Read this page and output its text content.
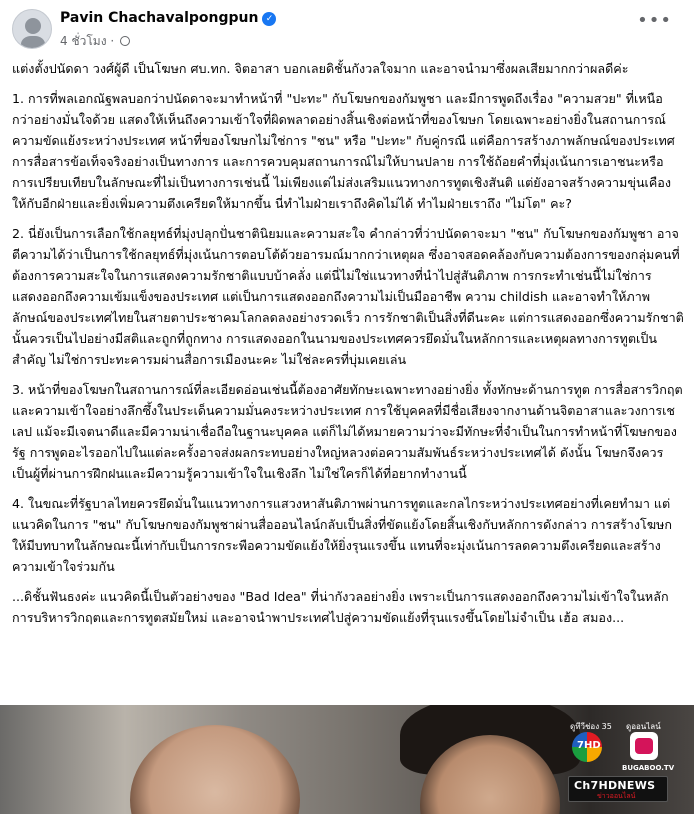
Pavin Chachavalpongpun ✓
4 ชั่วโมง ·
•••

แต่งตั้งปนัดดา วงศ์ผู้ดี เป็นโฆษก ศบ.ทก. จิตอาสา บอกเลยดิชั้นกังวลใจมาก และอาจนำมาซึ่งผลเสียมากกว่าผลดีค่ะ

1. การที่พลเอกณัฐพลบอกว่าปนัดดาจะมาทำหน้าที่ "ปะทะ" กับโฆษกของกัมพูชา และมีการพูดถึงเรื่อง "ความสวย" ที่เหนือกว่าอย่างมั่นใจด้วย แสดงให้เห็นถึงความเข้าใจที่ผิดพลาดอย่างสิ้นเชิงต่อหน้าที่ของโฆษก โดยเฉพาะอย่างยิ่งในสถานการณ์ความขัดแย้งระหว่างประเทศ หน้าที่ของโฆษกไม่ใช่การ "ชน" หรือ "ปะทะ" กับคู่กรณี แต่คือการสร้างภาพลักษณ์ของประเทศ การสื่อสารข้อเท็จจริงอย่างเป็นทางการ และการควบคุมสถานการณ์ไม่ให้บานปลาย การใช้ถ้อยคำที่มุ่งเน้นการเอาชนะหรือการเปรียบเทียบในลักษณะที่ไม่เป็นทางการเช่นนี้ ไม่เพียงแต่ไม่ส่งเสริมแนวทางการทูตเชิงสันติ แต่ยังอาจสร้างความขุ่นเคืองให้กับอีกฝ่ายและยิ่งเพิ่มความตึงเครียดให้มากขึ้น นี่ทำไมฝ่ายเราถึงคิดไม่ได้ ทำไมฝ่ายเราถึง "ไม่โต" คะ?

2. นี่ยังเป็นการเลือกใช้กลยุทธ์ที่มุ่งปลุกปั่นชาตินิยมและความสะใจ คำกล่าวที่ว่าปนัดดาจะมา "ชน" กับโฆษกของกัมพูชา อาจตีความได้ว่าเป็นการใช้กลยุทธ์ที่มุ่งเน้นการตอบโต้ด้วยอารมณ์มากกว่าเหตุผล ซึ่งอาจสอดคล้องกับความต้องการของกลุ่มคนที่ต้องการความสะใจในการแสดงความรักชาติแบบบ้าคลั่ง แต่นี่ไม่ใช่แนวทางที่นำไปสู่สันติภาพ การกระทำเช่นนี้ไม่ใช่การแสดงออกถึงความเข้มแข็งของประเทศ แต่เป็นการแสดงออกถึงความไม่เป็นมืออาชีพ ความ childish และอาจทำให้ภาพลักษณ์ของประเทศไทยในสายตาประชาคมโลกลดลงอย่างรวดเร็ว การรักชาติเป็นสิ่งที่ดีนะคะ แต่การแสดงออกซึ่งความรักชาตินั้นควรเป็นไปอย่างมีสติและถูกที่ถูกทาง การแสดงออกในนามของประเทศควรยึดมั่นในหลักการและเหตุผลทางการทูตเป็นสำคัญ ไม่ใช่การปะทะคารมผ่านสื่อการเมืองนะคะ ไม่ใช่ละครที่บุ่มเคยเล่น

3. หน้าที่ของโฆษกในสถานการณ์ที่ละเอียดอ่อนเช่นนี้ต้องอาศัยทักษะเฉพาะทางอย่างยิ่ง ทั้งทักษะด้านการทูต การสื่อสารวิกฤต และความเข้าใจอย่างลึกซึ้งในประเด็นความมั่นคงระหว่างประเทศ การใช้บุคคลที่มีชื่อเสียงจากงานด้านจิตอาสาและวงการเชเลป แม้จะมีเจตนาดีและมีความน่าเชื่อถือในฐานะบุคคล แต่ก็ไม่ได้หมายความว่าจะมีทักษะที่จำเป็นในการทำหน้าที่โฆษกของรัฐ การพูดอะไรออกไปในแต่ละครั้งอาจส่งผลกระทบอย่างใหญ่หลวงต่อความสัมพันธ์ระหว่างประเทศได้ ดังนั้น โฆษกจึงควรเป็นผู้ที่ผ่านการฝึกฝนและมีความรู้ความเข้าใจในเชิงลึก ไม่ใช่ใครก็ได้ที่อยากทำงานนี้

4. ในขณะที่รัฐบาลไทยควรยึดมั่นในแนวทางการแสวงหาสันติภาพผ่านการทูตและกลไกระหว่างประเทศอย่างที่เคยทำมา แต่แนวคิดในการ "ชน" กับโฆษกของกัมพูชาผ่านสื่อออนไลน์กลับเป็นสิ่งที่ขัดแย้งโดยสิ้นเชิงกับหลักการดังกล่าว การสร้างโฆษกให้มีบทบาทในลักษณะนี้เท่ากับเป็นการกระพือความขัดแย้งให้ยิ่งรุนแรงขึ้น แทนที่จะมุ่งเน้นการลดความตึงเครียดและสร้างความเข้าใจร่วมกัน

...ดิชั้นฟันธงค่ะ แนวคิดนี้เป็นตัวอย่างของ "Bad Idea" ที่น่ากังวลอย่างยิ่ง เพราะเป็นการแสดงออกถึงความไม่เข้าใจในหลักการบริหารวิกฤตและการทูตสมัยใหม่ และอาจนำพาประเทศไปสู่ความขัดแย้งที่รุนแรงขึ้นโดยไม่จำเป็น เฮ้อ สมอง...

ดูทีวีช่อง 35 ดูออนไลน์
7HD
BUGABOO.TV
Ch7HDNEWS
ข่าวออนไลน์
